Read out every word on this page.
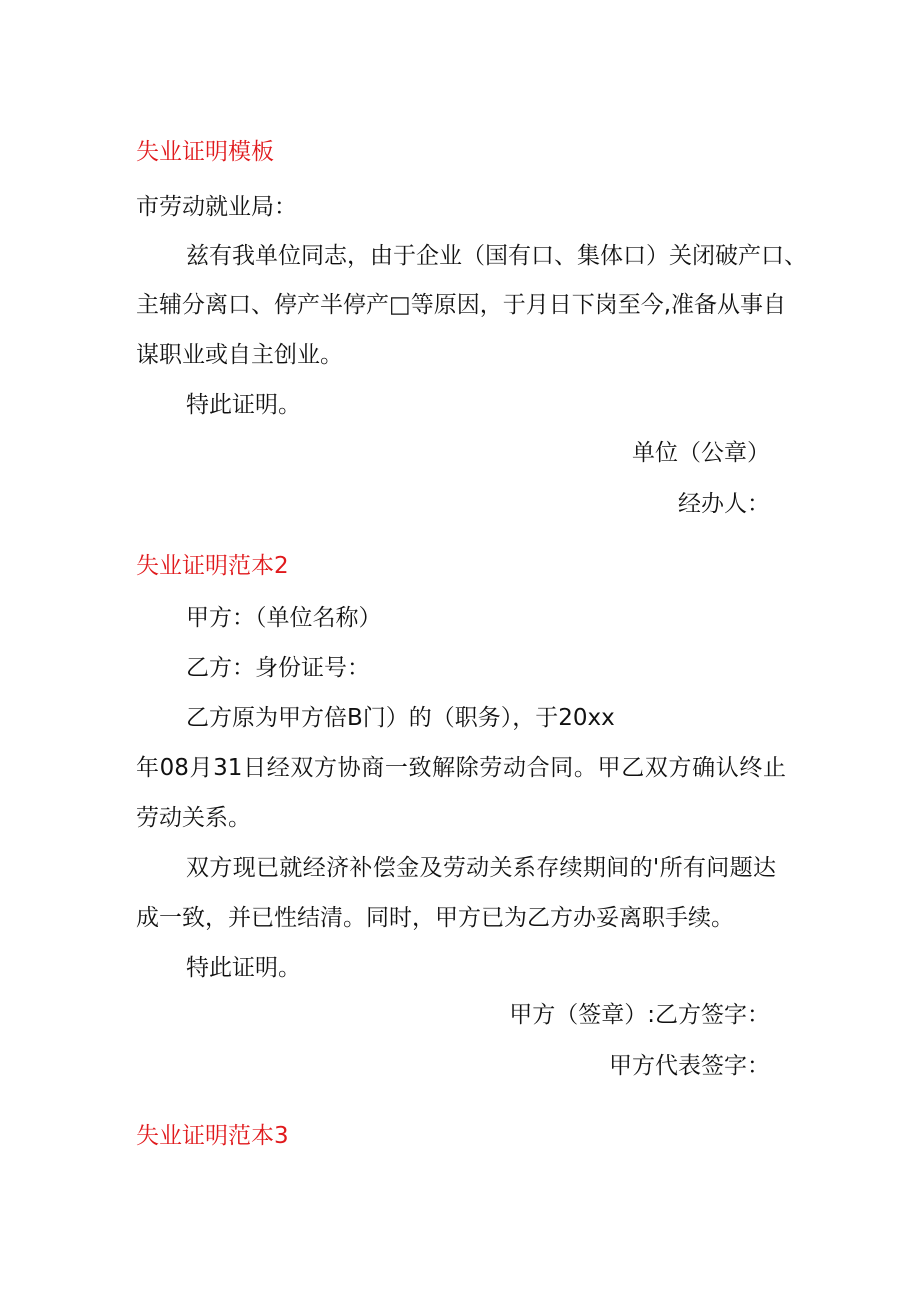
失业证明模板
市劳动就业局：
兹有我单位同志，由于企业（国有口、集体口）关闭破产口、
主辅分离口、停产半停产□等原因，于月日下岗至今,准备从事自
谋职业或自主创业。
特此证明。
单位（公章）
经办人：
失业证明范本2
甲方：（单位名称）
乙方：身份证号：
乙方原为甲方倍B门）的（职务），于20xx
年08月31日经双方协商一致解除劳动合同。甲乙双方确认终止
劳动关系。
双方现已就经济补偿金及劳动关系存续期间的'所有问题达
成一致，并已性结清。同时，甲方已为乙方办妥离职手续。
特此证明。
甲方（签章）:乙方签字：
甲方代表签字：
失业证明范本3
